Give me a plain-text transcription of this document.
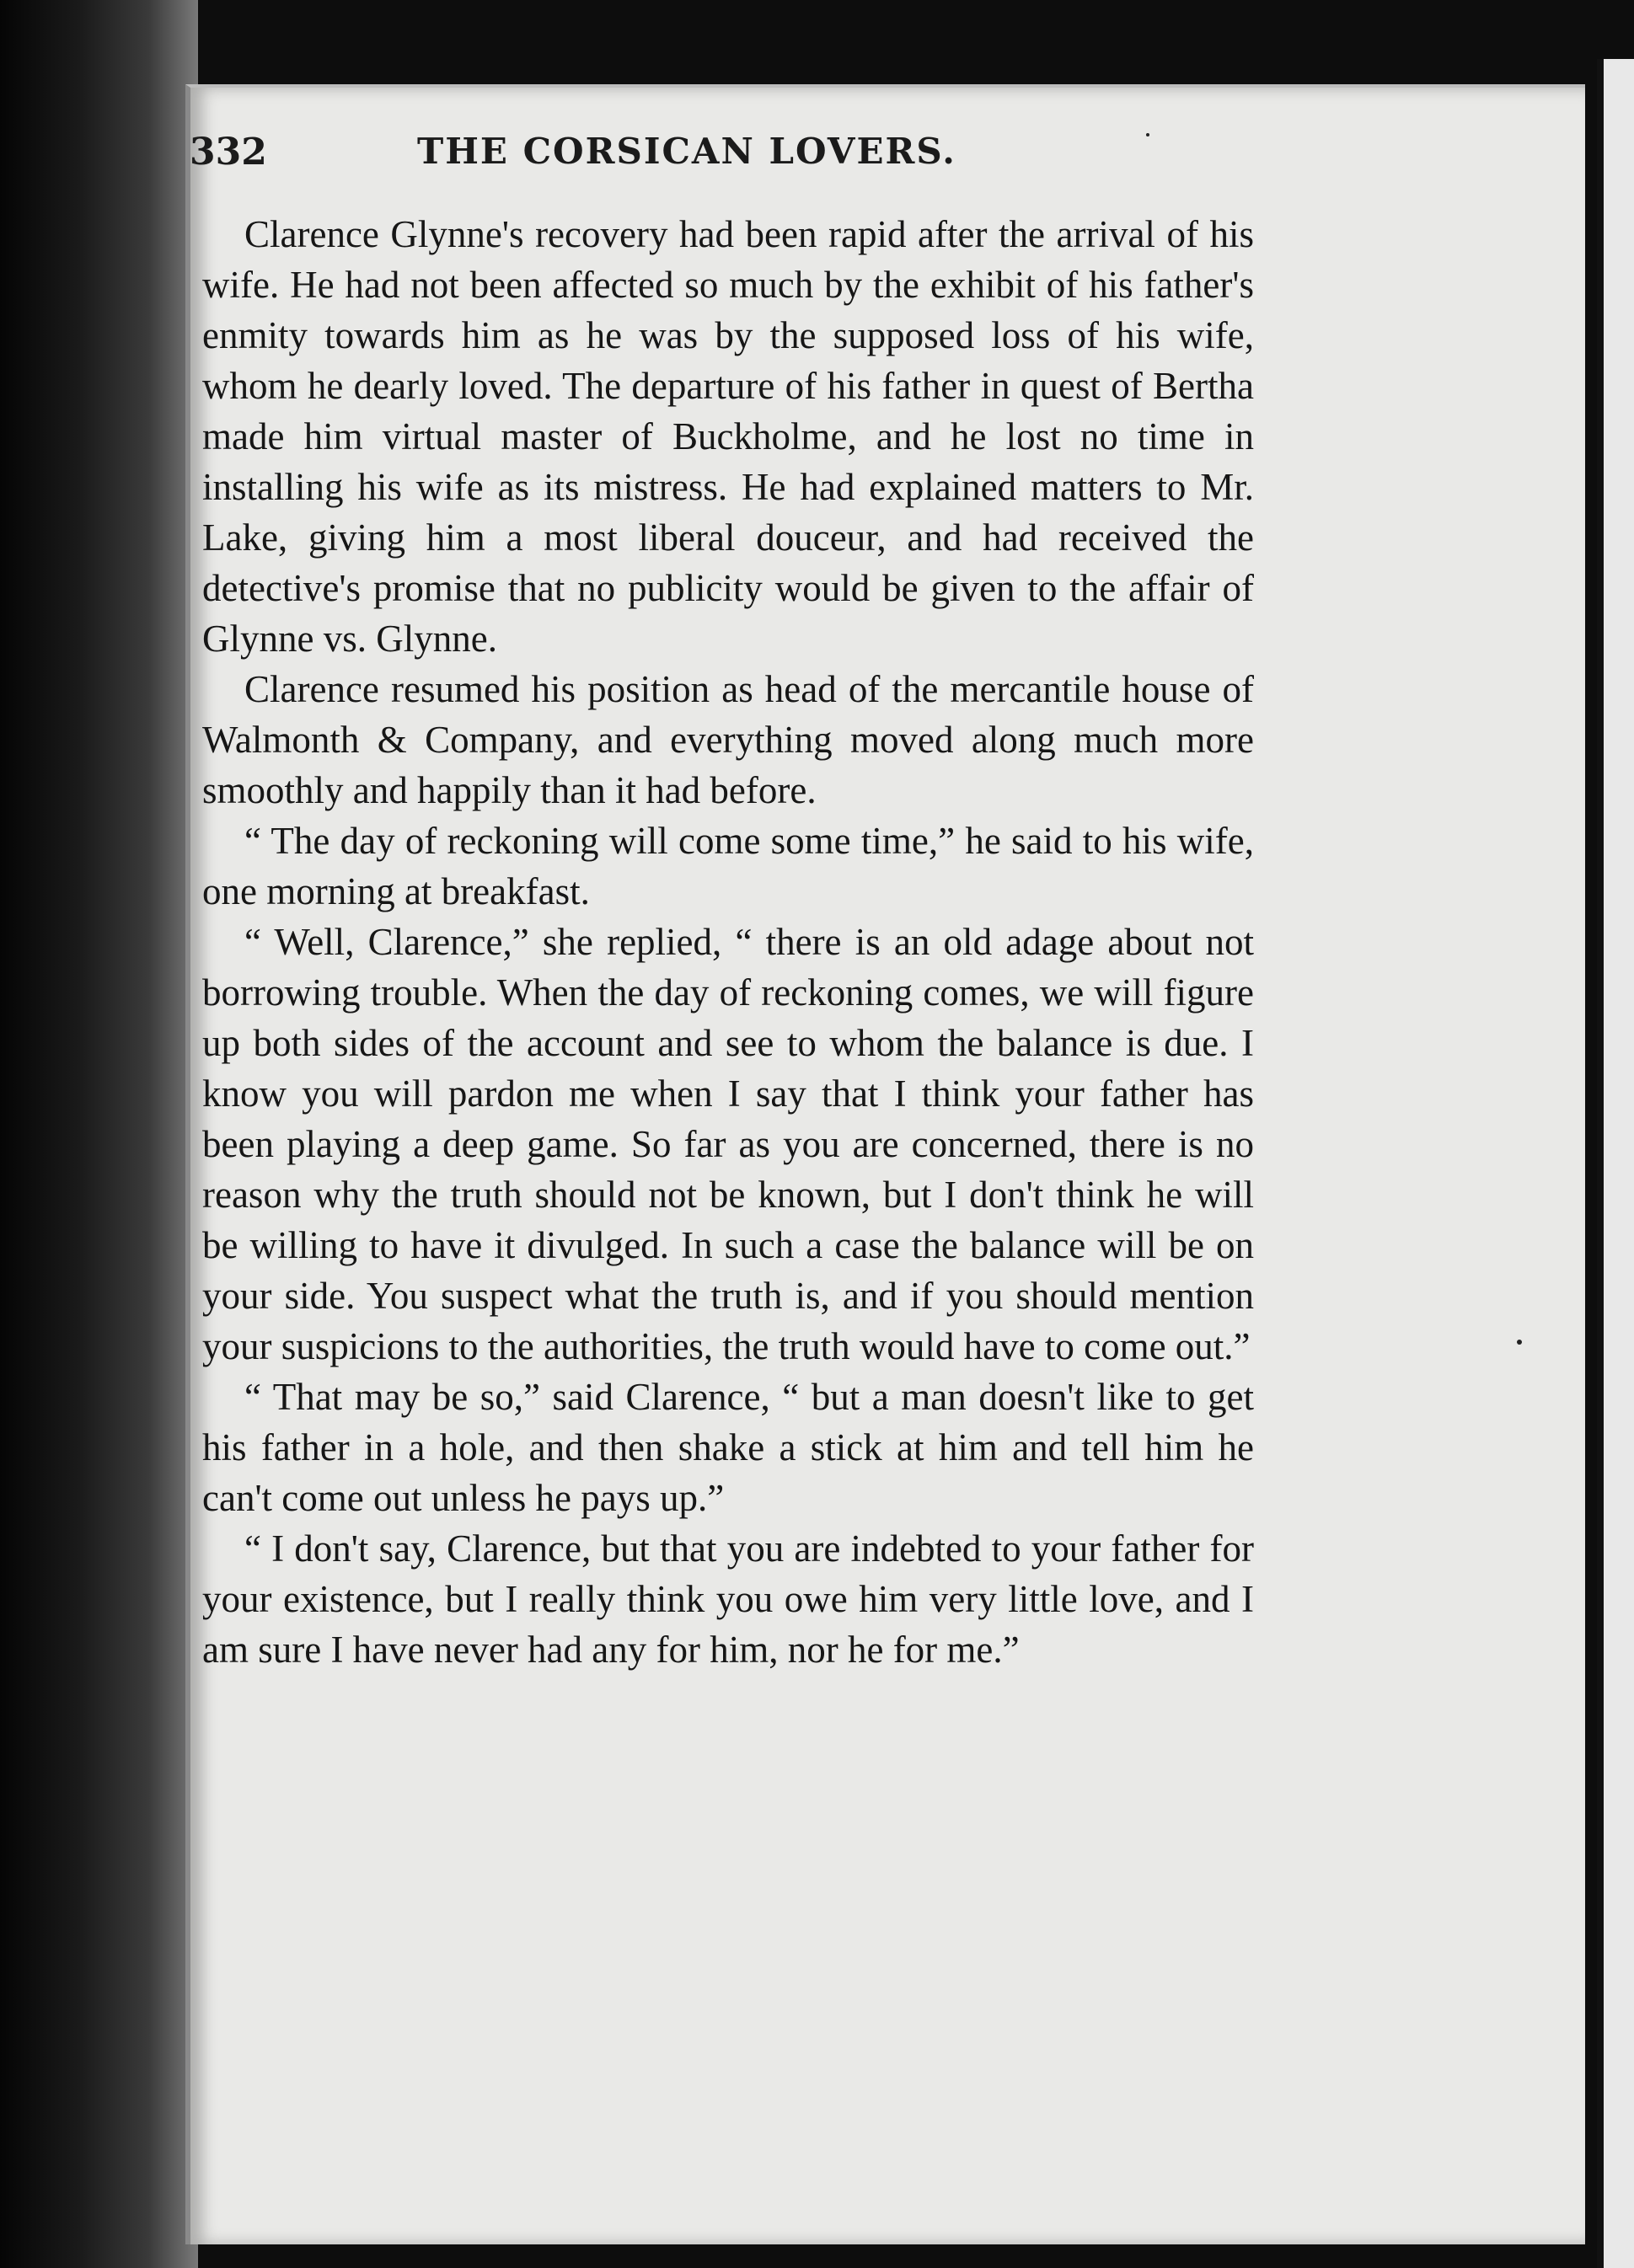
332	THE CORSICAN LOVERS.

Clarence Glynne's recovery had been rapid after the arrival of his wife. He had not been affected so much by the exhibit of his father's enmity towards him as he was by the supposed loss of his wife, whom he dearly loved. The departure of his father in quest of Bertha made him virtual master of Buckholme, and he lost no time in installing his wife as its mistress. He had explained matters to Mr. Lake, giving him a most liberal douceur, and had received the detective's promise that no publicity would be given to the affair of Glynne vs. Glynne.

Clarence resumed his position as head of the mercantile house of Walmonth & Company, and everything moved along much more smoothly and happily than it had before.

“ The day of reckoning will come some time,” he said to his wife, one morning at breakfast.

“ Well, Clarence,” she replied, “ there is an old adage about not borrowing trouble. When the day of reckoning comes, we will figure up both sides of the account and see to whom the balance is due. I know you will pardon me when I say that I think your father has been playing a deep game. So far as you are concerned, there is no reason why the truth should not be known, but I don't think he will be willing to have it divulged. In such a case the balance will be on your side. You suspect what the truth is, and if you should mention your suspicions to the authorities, the truth would have to come out.”

“ That may be so,” said Clarence, “ but a man doesn't like to get his father in a hole, and then shake a stick at him and tell him he can't come out unless he pays up.”

“ I don't say, Clarence, but that you are indebted to your father for your existence, but I really think you owe him very little love, and I am sure I have never had any for him, nor he for me.”
